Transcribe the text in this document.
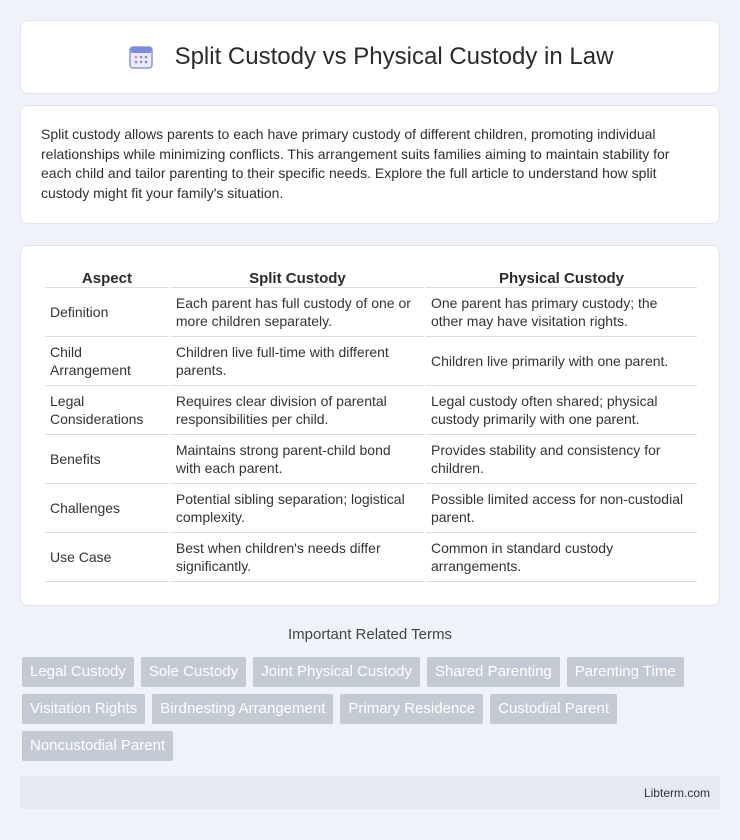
Split Custody vs Physical Custody in Law

Split custody allows parents to each have primary custody of different children, promoting individual relationships while minimizing conflicts. This arrangement suits families aiming to maintain stability for each child and tailor parenting to their specific needs. Explore the full article to understand how split custody might fit your family's situation.

Aspect	Split Custody	Physical Custody
Definition	Each parent has full custody of one or more children separately.	One parent has primary custody; the other may have visitation rights.
Child Arrangement	Children live full-time with different parents.	Children live primarily with one parent.
Legal Considerations	Requires clear division of parental responsibilities per child.	Legal custody often shared; physical custody primarily with one parent.
Benefits	Maintains strong parent-child bond with each parent.	Provides stability and consistency for children.
Challenges	Potential sibling separation; logistical complexity.	Possible limited access for non-custodial parent.
Use Case	Best when children's needs differ significantly.	Common in standard custody arrangements.
Important Related Terms
Legal Custody	Sole Custody	Joint Physical Custody	Shared Parenting	Parenting Time
Visitation Rights	Birdnesting Arrangement	Primary Residence	Custodial Parent
Noncustodial Parent
Libterm.com
